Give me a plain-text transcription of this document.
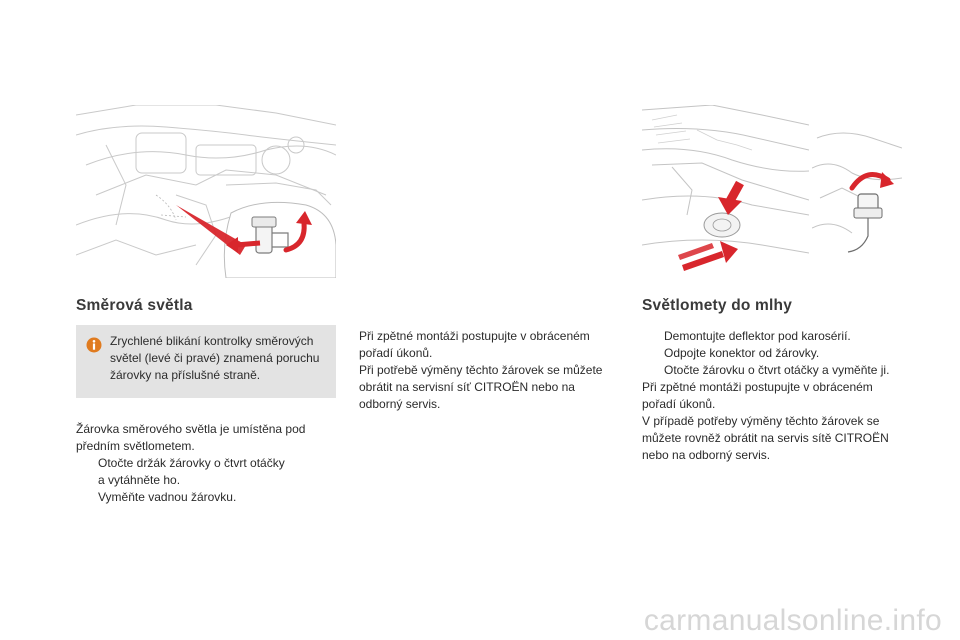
Směrová světla
Zrychlené blikání kontrolky směrových světel (levé či pravé) znamená poruchu žárovky na příslušné straně.
Žárovka směrového světla je umístěna pod
předním světlometem.
Otočte držák žárovky o čtvrt otáčky
a vytáhněte ho.
Vyměňte vadnou žárovku.
Při zpětné montáži postupujte v obráceném
pořadí úkonů.
Při potřebě výměny těchto žárovek se můžete
obrátit na servisní síť CITROËN nebo na
odborný servis.
Světlomety do mlhy
Demontujte deflektor pod karosérií.
Odpojte konektor od žárovky.
Otočte žárovku o čtvrt otáčky a vyměňte ji.
Při zpětné montáži postupujte v obráceném
pořadí úkonů.
V případě potřeby výměny těchto žárovek se
můžete rovněž obrátit na servis sítě CITROËN
nebo na odborný servis.
carmanualsonline.info
